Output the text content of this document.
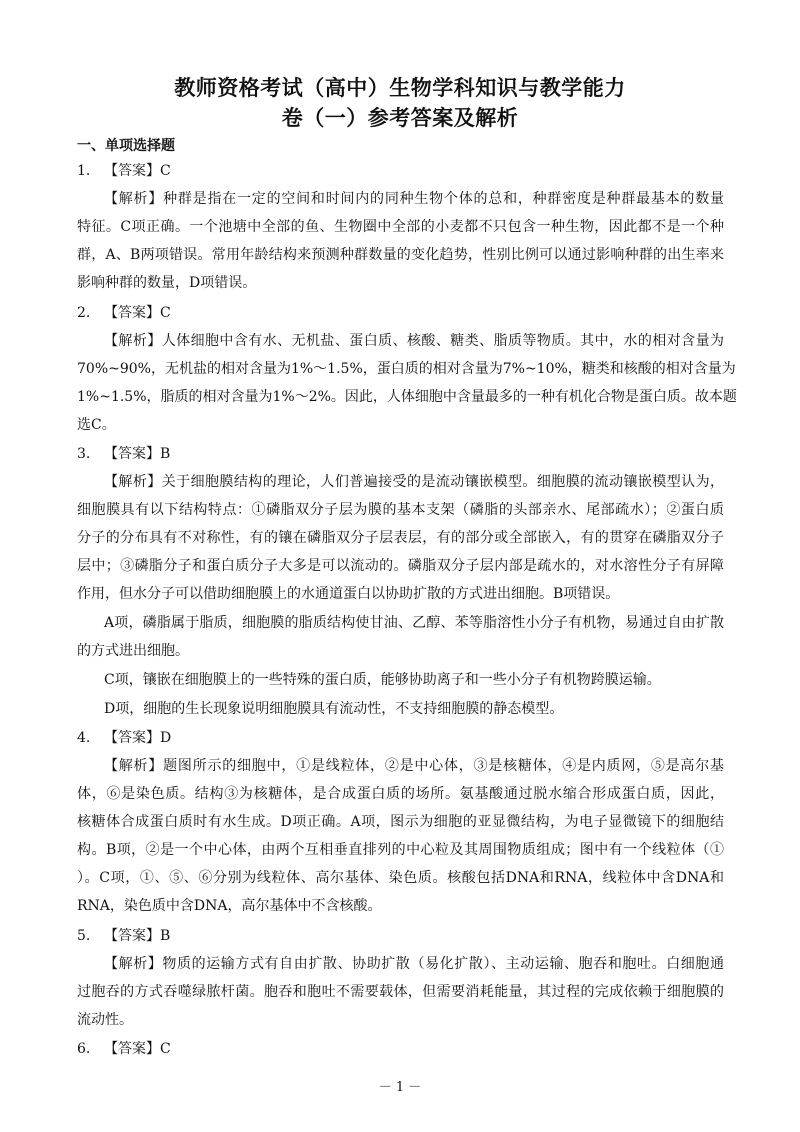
教师资格考试（高中）生物学科知识与教学能力
卷（一）参考答案及解析
一、单项选择题
1. 【答案】C
【解析】种群是指在一定的空间和时间内的同种生物个体的总和，种群密度是种群最基本的数量
特征。C项正确。一个池塘中全部的鱼、生物圈中全部的小麦都不只包含一种生物，因此都不是一个种
群，A、B两项错误。常用年龄结构来预测种群数量的变化趋势，性别比例可以通过影响种群的出生率来
影响种群的数量，D项错误。
2. 【答案】C
【解析】人体细胞中含有水、无机盐、蛋白质、核酸、糖类、脂质等物质。其中，水的相对含量为
70%~90%，无机盐的相对含量为1%～1.5%，蛋白质的相对含量为7%~10%，糖类和核酸的相对含量为
1%~1.5%，脂质的相对含量为1%～2%。因此，人体细胞中含量最多的一种有机化合物是蛋白质。故本题
选C。
3. 【答案】B
【解析】关于细胞膜结构的理论，人们普遍接受的是流动镶嵌模型。细胞膜的流动镶嵌模型认为，
细胞膜具有以下结构特点：①磷脂双分子层为膜的基本支架（磷脂的头部亲水、尾部疏水）；②蛋白质
分子的分布具有不对称性，有的镶在磷脂双分子层表层，有的部分或全部嵌入，有的贯穿在磷脂双分子
层中；③磷脂分子和蛋白质分子大多是可以流动的。磷脂双分子层内部是疏水的，对水溶性分子有屏障
作用，但水分子可以借助细胞膜上的水通道蛋白以协助扩散的方式进出细胞。B项错误。
A项，磷脂属于脂质，细胞膜的脂质结构使甘油、乙醇、苯等脂溶性小分子有机物，易通过自由扩散
的方式进出细胞。
C项，镶嵌在细胞膜上的一些特殊的蛋白质，能够协助离子和一些小分子有机物跨膜运输。
D项，细胞的生长现象说明细胞膜具有流动性，不支持细胞膜的静态模型。
4. 【答案】D
【解析】题图所示的细胞中，①是线粒体，②是中心体，③是核糖体，④是内质网，⑤是高尔基
体，⑥是染色质。结构③为核糖体，是合成蛋白质的场所。氨基酸通过脱水缩合形成蛋白质，因此，
核糖体合成蛋白质时有水生成。D项正确。A项，图示为细胞的亚显微结构，为电子显微镜下的细胞结
构。B项，②是一个中心体，由两个互相垂直排列的中心粒及其周围物质组成；图中有一个线粒体（①
）。C项，①、⑤、⑥分别为线粒体、高尔基体、染色质。核酸包括DNA和RNA，线粒体中含DNA和
RNA，染色质中含DNA，高尔基体中不含核酸。
5. 【答案】B
【解析】物质的运输方式有自由扩散、协助扩散（易化扩散）、主动运输、胞吞和胞吐。白细胞通
过胞吞的方式吞噬绿脓杆菌。胞吞和胞吐不需要载体，但需要消耗能量，其过程的完成依赖于细胞膜的
流动性。
6. 【答案】C
－ 1 －
